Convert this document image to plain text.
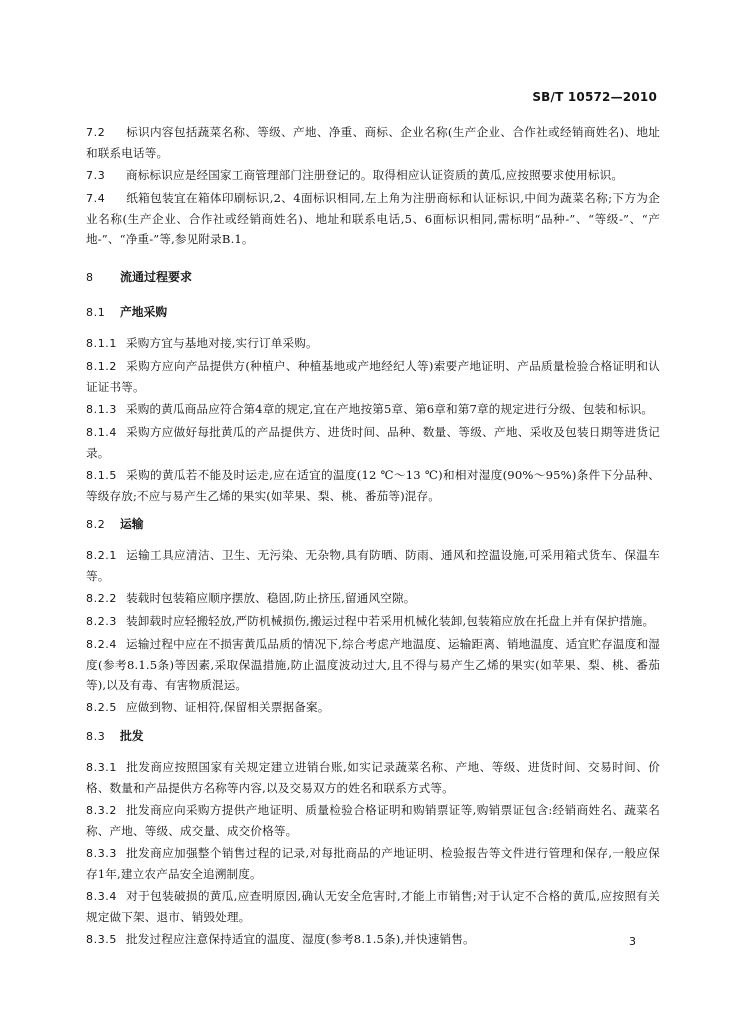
SB/T 10572—2010

7.2 标识内容包括蔬菜名称、等级、产地、净重、商标、企业名称(生产企业、合作社或经销商姓名)、地址和联系电话等。

7.3 商标标识应是经国家工商管理部门注册登记的。取得相应认证资质的黄瓜,应按照要求使用标识。

7.4 纸箱包装宜在箱体印刷标识,2、4面标识相同,左上角为注册商标和认证标识,中间为蔬菜名称;下方为企业名称(生产企业、合作社或经销商姓名)、地址和联系电话,5、6面标识相同,需标明“品种-”、“等级-”、“产地-”、“净重-”等,参见附录B.1。

8 流通过程要求
8.1 产地采购

8.1.1 采购方宜与基地对接,实行订单采购。

8.1.2 采购方应向产品提供方(种植户、种植基地或产地经纪人等)索要产地证明、产品质量检验合格证明和认证证书等。

8.1.3 采购的黄瓜商品应符合第4章的规定,宜在产地按第5章、第6章和第7章的规定进行分级、包装和标识。

8.1.4 采购方应做好每批黄瓜的产品提供方、进货时间、品种、数量、等级、产地、采收及包装日期等进货记录。

8.1.5 采购的黄瓜若不能及时运走,应在适宜的温度(12 ℃～13 ℃)和相对湿度(90%～95%)条件下分品种、等级存放;不应与易产生乙烯的果实(如苹果、梨、桃、番茄等)混存。

8.2 运输

8.2.1 运输工具应清洁、卫生、无污染、无杂物,具有防晒、防雨、通风和控温设施,可采用箱式货车、保温车等。

8.2.2 装载时包装箱应顺序摆放、稳固,防止挤压,留通风空隙。

8.2.3 装卸载时应轻搬轻放,严防机械损伤,搬运过程中若采用机械化装卸,包装箱应放在托盘上并有保护措施。

8.2.4 运输过程中应在不损害黄瓜品质的情况下,综合考虑产地温度、运输距离、销地温度、适宜贮存温度和湿度(参考8.1.5条)等因素,采取保温措施,防止温度波动过大,且不得与易产生乙烯的果实(如苹果、梨、桃、番茄等),以及有毒、有害物质混运。

8.2.5 应做到物、证相符,保留相关票据备案。

8.3 批发

8.3.1 批发商应按照国家有关规定建立进销台账,如实记录蔬菜名称、产地、等级、进货时间、交易时间、价格、数量和产品提供方名称等内容,以及交易双方的姓名和联系方式等。

8.3.2 批发商应向采购方提供产地证明、质量检验合格证明和购销票证等,购销票证包含:经销商姓名、蔬菜名称、产地、等级、成交量、成交价格等。

8.3.3 批发商应加强整个销售过程的记录,对每批商品的产地证明、检验报告等文件进行管理和保存,一般应保存1年,建立农产品安全追溯制度。

8.3.4 对于包装破损的黄瓜,应查明原因,确认无安全危害时,才能上市销售;对于认定不合格的黄瓜,应按照有关规定做下架、退市、销毁处理。

8.3.5 批发过程应注意保持适宜的温度、湿度(参考8.1.5条),并快速销售。	3
